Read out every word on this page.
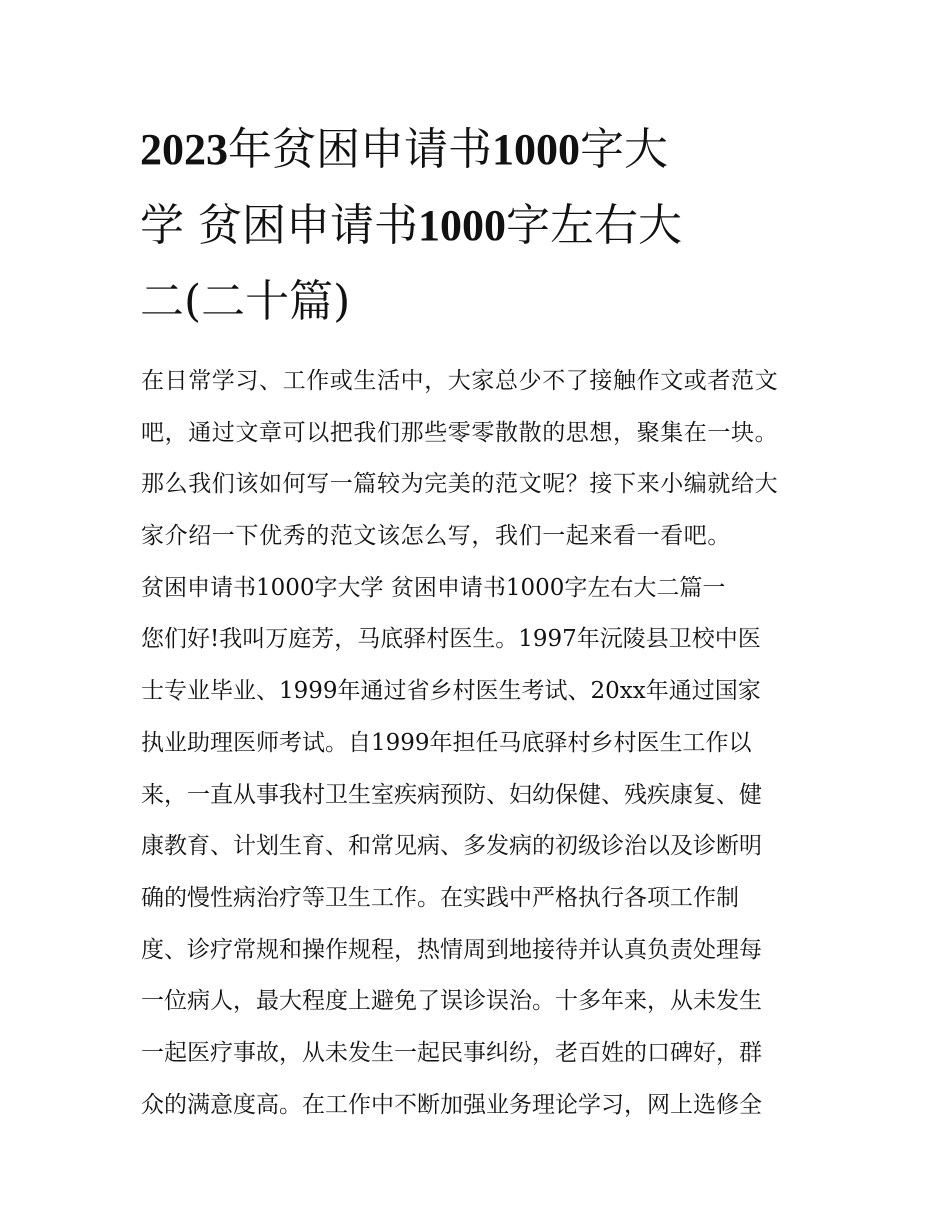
2023年贫困申请书1000字大
学 贫困申请书1000字左右大
二(二十篇)
在日常学习、工作或生活中，大家总少不了接触作文或者范文
吧，通过文章可以把我们那些零零散散的思想，聚集在一块。
那么我们该如何写一篇较为完美的范文呢？接下来小编就给大
家介绍一下优秀的范文该怎么写，我们一起来看一看吧。
贫困申请书1000字大学 贫困申请书1000字左右大二篇一
您们好!我叫万庭芳，马底驿村医生。1997年沅陵县卫校中医
士专业毕业、1999年通过省乡村医生考试、20xx年通过国家
执业助理医师考试。自1999年担任马底驿村乡村医生工作以
来，一直从事我村卫生室疾病预防、妇幼保健、残疾康复、健
康教育、计划生育、和常见病、多发病的初级诊治以及诊断明
确的慢性病治疗等卫生工作。在实践中严格执行各项工作制
度、诊疗常规和操作规程，热情周到地接待并认真负责处理每
一位病人，最大程度上避免了误诊误治。十多年来，从未发生
一起医疗事故，从未发生一起民事纠纷，老百姓的口碑好，群
众的满意度高。在工作中不断加强业务理论学习，网上选修全
